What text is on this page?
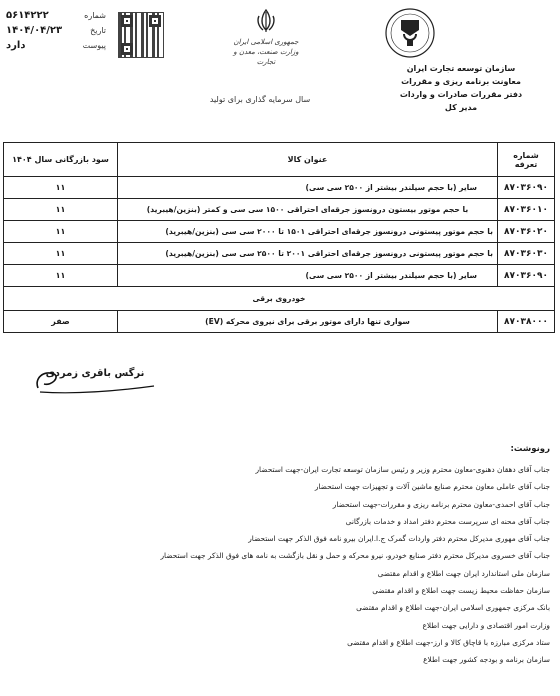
شماره
۵۶۱۴۲۲۲
تاریخ
۱۴۰۴/۰۴/۲۳
پیوست
دارد	جمهوری اسلامی ایران
وزارت صنعت، معدن و تجارت
سازمان توسعه تجارت ایران
معاونت برنامه ریزی و مقررات
دفتر مقررات صادرات و واردات
مدیر کل
سال سرمایه گذاری برای تولید
شماره تعرفه	عنوان کالا	سود بازرگانی سال ۱۴۰۴
۸۷۰۳۶۰۹۰	سایر (با حجم سیلندر بیشتر از ۲۵۰۰ سی سی)	۱۱
۸۷۰۳۶۰۱۰	با حجم موتور بیستون درونسوز جرقه‌ای احتراقی ۱۵۰۰ سی سی و کمتر (بنزین/هیبرید)	۱۱
۸۷۰۳۶۰۲۰	با حجم موتور پیستونی درونسوز جرقه‌ای احتراقی ۱۵۰۱ تا ۲۰۰۰ سی سی (بنزین/هیبرید)	۱۱
۸۷۰۳۶۰۳۰	با حجم موتور پیستونی درونسوز جرقه‌ای احتراقی ۲۰۰۱ تا ۲۵۰۰ سی سی (بنزین/هیبرید)	۱۱
۸۷۰۳۶۰۹۰	سایر (با حجم سیلندر بیشتر از ۲۵۰۰ سی سی)	۱۱
خودروی برقی		
۸۷۰۳۸۰۰۰	سواری تنها دارای موتور برقی برای نیروی محرکه (EV)	صفر
نرگس باقری زمردی
رونوشت:
جناب آقای دهقان دهنوی-معاون محترم وزیر و رئیس سازمان توسعه تجارت ایران-جهت استحضار
جناب آقای عاملی معاون محترم صنایع ماشین آلات و تجهیزات جهت استحضار
جناب آقای احمدی-معاون محترم برنامه ریزی و مقررات-جهت استحضار
جناب آقای محنه ای سرپرست محترم دفتر امداد و خدمات بازرگانی
جناب آقای مهوری مدیرکل محترم دفتر واردات گمرک ج.ا.ایران بیرو نامه فوق الذکر جهت استحضار
جناب آقای خسروی مدیرکل محترم دفتر صنایع خودرو، نیرو محرکه و حمل و نقل بازگشت به نامه های فوق الذکر جهت استحضار
سازمان ملی استاندارد ایران جهت اطلاع و اقدام مقتضی
سازمان حفاظت محیط زیست جهت اطلاع و اقدام مقتضی
بانک مرکزی جمهوری اسلامی ایران-جهت اطلاع و اقدام مقتضی
وزارت امور اقتصادی و دارایی جهت اطلاع
ستاد مرکزی مبارزه با قاچاق کالا و ارز-جهت اطلاع و اقدام مقتضی
سازمان برنامه و بودجه کشور جهت اطلاع
